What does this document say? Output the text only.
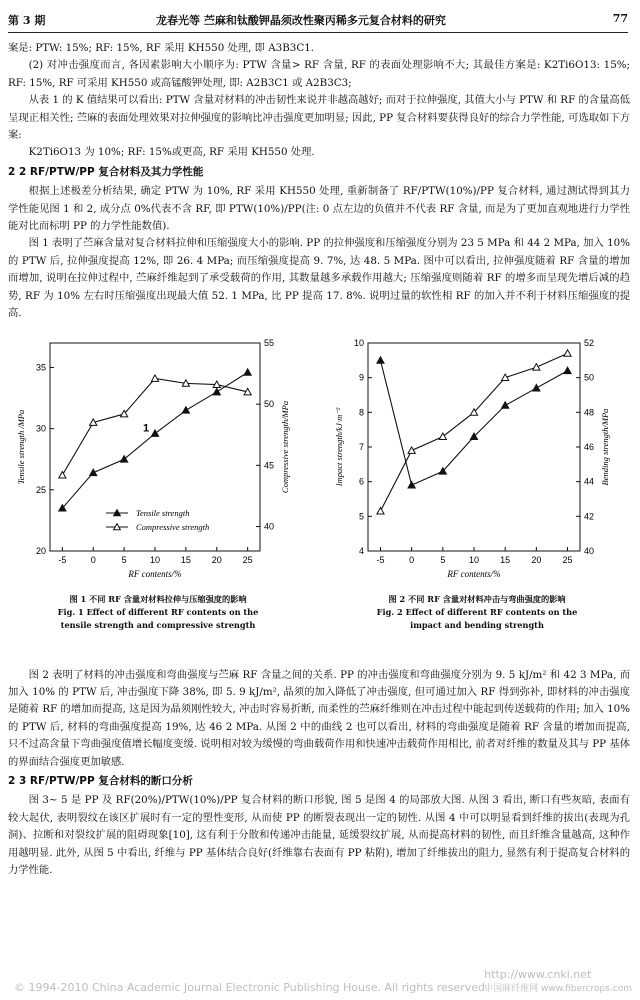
第 3 期	龙春光等 苎麻和钛酸钾晶须改性聚丙稀多元复合材料的研究	77

案是: PTW: 15%; RF: 15%, RF 采用 KH550 处理, 即 A3B3C1.

(2) 对冲击强度而言, 各因素影响大小顺序为: PTW 含量> RF 含量, RF 的表面处理影响不大; 其最佳方案是: K2Ti6O13: 15%; RF: 15%, RF 可采用 KH550 或高锰酸钾处理, 即: A2B3C1 或 A2B3C3;

从表 1 的 K 值结果可以看出: PTW 含量对材料的冲击韧性来说并非越高越好; 而对于拉伸强度, 其值大小与 PTW 和 RF 的含量高低呈现正相关性; 苎麻的表面处理效果对拉伸强度的影响比冲击强度更加明显; 因此, PP 复合材料要获得良好的综合力学性能, 可选取如下方案:

K2Ti6O13 为 10%; RF: 15%或更高, RF 采用 KH550 处理.

2 2 RF/PTW/PP 复合材料及其力学性能

根据上述极差分析结果, 确定 PTW 为 10%, RF 采用 KH550 处理, 重新制备了 RF/PTW(10%)/PP 复合材料, 通过测试得到其力学性能见图 1 和 2, 成分点 0%代表不含 RF, 即 PTW(10%)/PP(注: 0 点左边的负值并不代表 RF 含量, 而是为了更加直观地进行力学性能对比而标明 PP 的力学性能数值).

图 1 表明了苎麻含量对复合材料拉伸和压缩强度大小的影响. PP 的拉伸强度和压缩强度分别为 23 5 MPa 和 44 2 MPa, 加入 10% 的 PTW 后, 拉伸强度提高 12%, 即 26. 4 MPa; 而压缩强度提高 9. 7%, 达 48. 5 MPa. 图中可以看出, 拉伸强度随着 RF 含量的增加而增加, 说明在拉伸过程中, 苎麻纤维起到了承受载荷的作用, 其数量越多承载作用越大; 压缩强度则随着 RF 的增多而呈现先增后减的趋势, RF 为 10% 左右时压缩强度出现最大值 52. 1 MPa, 比 PP 提高 17. 8%. 说明过量的软性相 RF 的加入并不利于材料压缩强度的提高.

-5	0	5	10 15 20 25
20
25
30
35
40
45
50
55
RF contents/%
Tensile strength /MPa	Compressive strength/MPa
Tensile strength
Compressive strength
1
图 1 不同 RF 含量对材料拉伸与压缩强度的影响
Fig. 1 Effect of different RF contents on the
tensile strength and compressive strength
-5	0	5	10 15 20 25
4
5
6
7
8
9
10
40
42
44
46
48
50
52
RF contents/%
Impact strength/kJ·m⁻²	Bending strength/MPa
图 2 不同 RF 含量对材料冲击与弯曲强度的影响
Fig. 2 Effect of different RF contents on the
impact and bending strength

图 2 表明了材料的冲击强度和弯曲强度与苎麻 RF 含量之间的关系. PP 的冲击强度和弯曲强度分别为 9. 5 kJ/m² 和 42 3 MPa, 而加入 10% 的 PTW 后, 冲击强度下降 38%, 即 5. 9 kJ/m², 晶须的加入降低了冲击强度, 但可通过加入 RF 得到弥补, 即材料的冲击强度是随着 RF 的增加而提高, 这是因为晶须刚性较大, 冲击时容易折断, 而柔性的苎麻纤维则在冲击过程中能起到传送载荷的作用; 加入 10% 的 PTW 后, 材料的弯曲强度提高 19%, 达 46 2 MPa. 从图 2 中的曲线 2 也可以看出, 材料的弯曲强度是随着 RF 含量的增加而提高, 只不过高含量下弯曲强度值增长幅度变缓. 说明相对较为缓慢的弯曲载荷作用和快速冲击载荷作用相比, 前者对纤维的数量及其与 PP 基体的界面结合强度更加敏感.

2 3 RF/PTW/PP 复合材料的断口分析

图 3~ 5 是 PP 及 RF(20%)/PTW(10%)/PP 复合材料的断口形貌, 图 5 是图 4 的局部放大图. 从图 3 看出, 断口有些灰暗, 表面有较大起伏, 表明裂纹在该区扩展时有一定的塑性变形, 从而使 PP 的断裂表现出一定的韧性. 从图 4 中可以明显看到纤维的拔出(表现为孔洞)、拉断和对裂纹扩展的阻碍现象[10], 这有利于分散和传递冲击能量, 延缓裂纹扩展, 从而提高材料的韧性, 而且纤维含量越高, 这种作用越明显. 此外, 从图 5 中看出, 纤维与 PP 基体结合良好(纤维靠右表面有 PP 粘附), 增加了纤维拔出的阻力, 显然有利于提高复合材料的力学性能.

© 1994-2010 China Academic Journal Electronic Publishing House. All rights reserved.
http://www.cnki.net
中国麻纤维网 www.fibercrops.com
